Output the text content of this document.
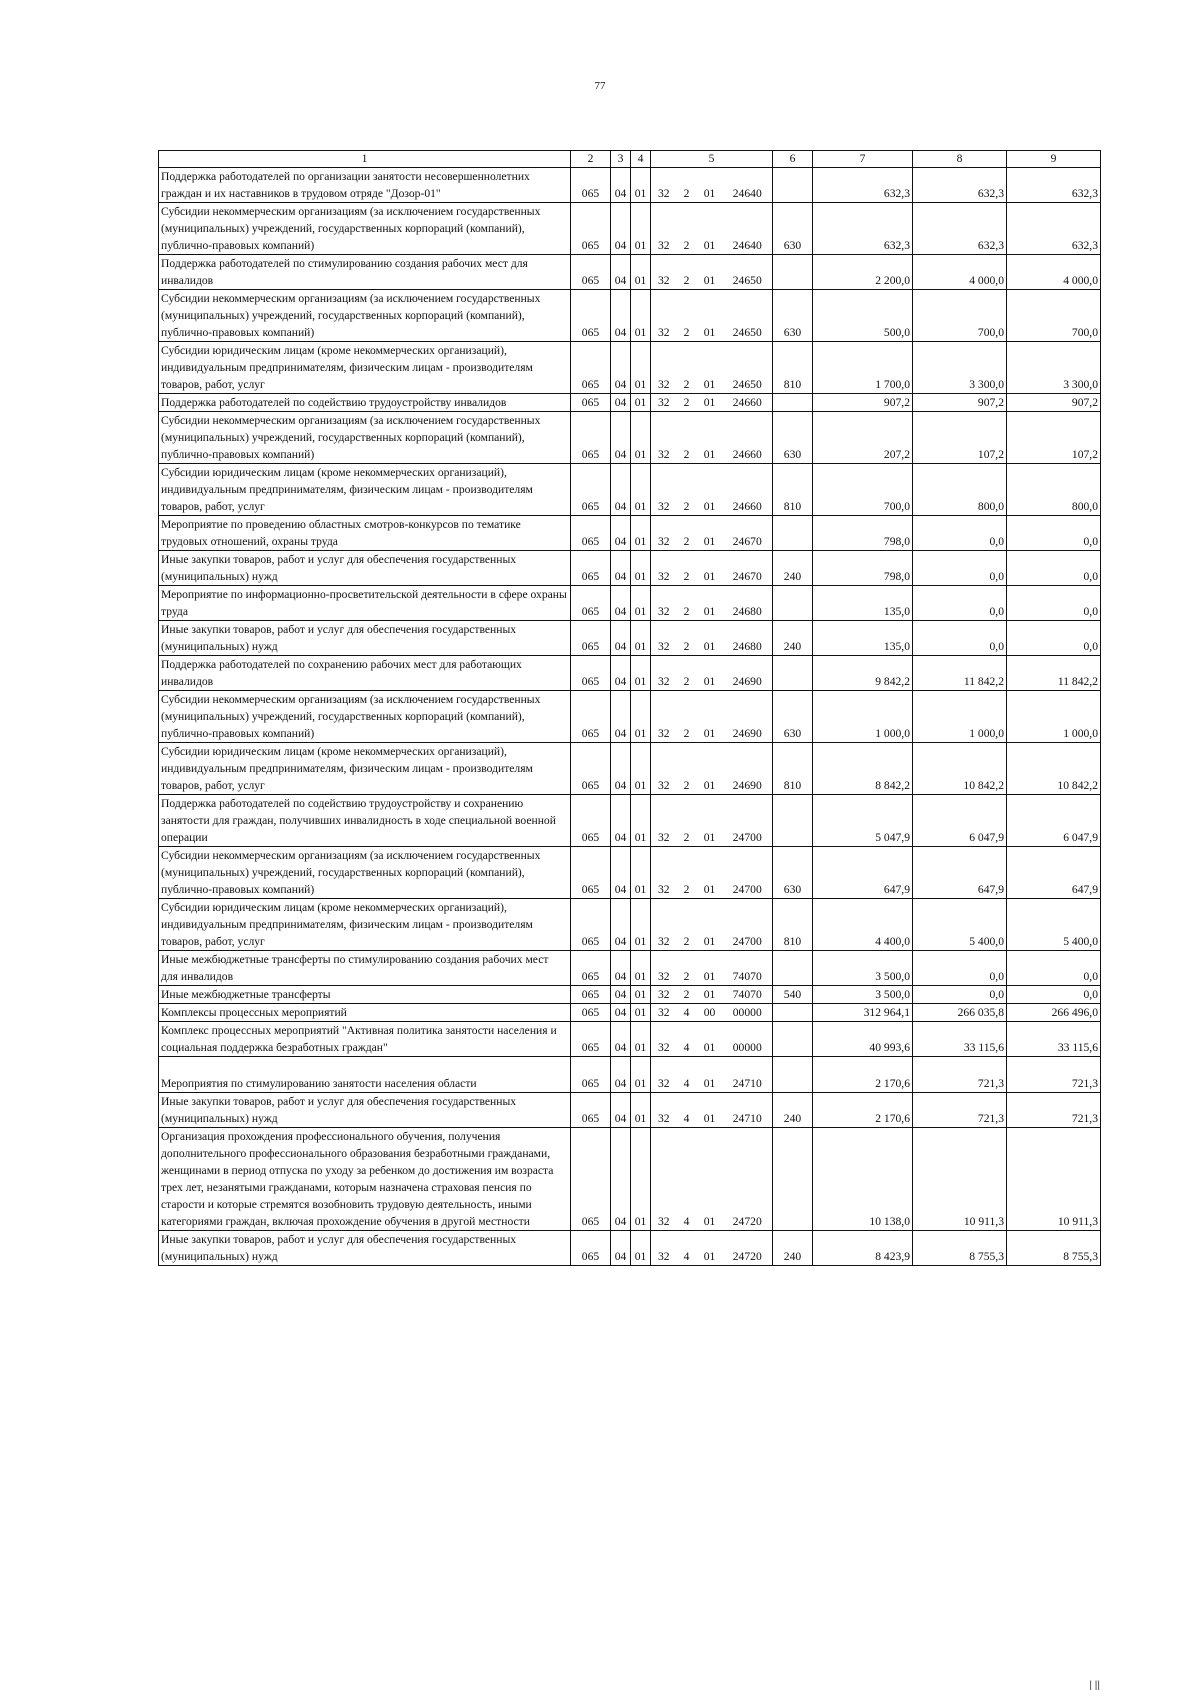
77
1	2	3	4	5				6	7	8	9
Поддержка работодателей по организации занятости несовершеннолетних граждан и их наставников в трудовом отряде "Дозор-01"	065	04	01	32	2	01	24640		632,3	632,3	632,3
Субсидии некоммерческим организациям (за исключением государственных (муниципальных) учреждений, государственных корпораций (компаний), публично-правовых компаний)	065	04	01	32	2	01	24640	630	632,3	632,3	632,3
Поддержка работодателей по стимулированию создания рабочих мест для инвалидов	065	04	01	32	2	01	24650		2 200,0	4 000,0	4 000,0
Субсидии некоммерческим организациям (за исключением государственных (муниципальных) учреждений, государственных корпораций (компаний), публично-правовых компаний)	065	04	01	32	2	01	24650	630	500,0	700,0	700,0
Субсидии юридическим лицам (кроме некоммерческих организаций), индивидуальным предпринимателям, физическим лицам - производителям товаров, работ, услуг	065	04	01	32	2	01	24650	810	1 700,0	3 300,0	3 300,0
Поддержка работодателей по содействию трудоустройству инвалидов	065	04	01	32	2	01	24660		907,2	907,2	907,2
Субсидии некоммерческим организациям (за исключением государственных (муниципальных) учреждений, государственных корпораций (компаний), публично-правовых компаний)	065	04	01	32	2	01	24660	630	207,2	107,2	107,2
Субсидии юридическим лицам (кроме некоммерческих организаций), индивидуальным предпринимателям, физическим лицам - производителям товаров, работ, услуг	065	04	01	32	2	01	24660	810	700,0	800,0	800,0
Мероприятие по проведению областных смотров-конкурсов по тематике трудовых отношений, охраны труда	065	04	01	32	2	01	24670		798,0	0,0	0,0
Иные закупки товаров, работ и услуг для обеспечения государственных (муниципальных) нужд	065	04	01	32	2	01	24670	240	798,0	0,0	0,0
Мероприятие по информационно-просветительской деятельности в сфере охраны труда	065	04	01	32	2	01	24680		135,0	0,0	0,0
Иные закупки товаров, работ и услуг для обеспечения государственных (муниципальных) нужд	065	04	01	32	2	01	24680	240	135,0	0,0	0,0
Поддержка работодателей по сохранению рабочих мест для работающих инвалидов	065	04	01	32	2	01	24690		9 842,2	11 842,2	11 842,2
Субсидии некоммерческим организациям (за исключением государственных (муниципальных) учреждений, государственных корпораций (компаний), публично-правовых компаний)	065	04	01	32	2	01	24690	630	1 000,0	1 000,0	1 000,0
Субсидии юридическим лицам (кроме некоммерческих организаций), индивидуальным предпринимателям, физическим лицам - производителям товаров, работ, услуг	065	04	01	32	2	01	24690	810	8 842,2	10 842,2	10 842,2
Поддержка работодателей по содействию трудоустройству и сохранению занятости для граждан, получивших инвалидность в ходе специальной военной операции	065	04	01	32	2	01	24700		5 047,9	6 047,9	6 047,9
Субсидии некоммерческим организациям (за исключением государственных (муниципальных) учреждений, государственных корпораций (компаний), публично-правовых компаний)	065	04	01	32	2	01	24700	630	647,9	647,9	647,9
Субсидии юридическим лицам (кроме некоммерческих организаций), индивидуальным предпринимателям, физическим лицам - производителям товаров, работ, услуг	065	04	01	32	2	01	24700	810	4 400,0	5 400,0	5 400,0
Иные межбюджетные трансферты по стимулированию создания рабочих мест для инвалидов	065	04	01	32	2	01	74070		3 500,0	0,0	0,0
Иные межбюджетные трансферты	065	04	01	32	2	01	74070	540	3 500,0	0,0	0,0
Комплексы процессных мероприятий	065	04	01	32	4	00	00000		312 964,1	266 035,8	266 496,0
Комплекс процессных мероприятий "Активная политика занятости населения и социальная поддержка безработных граждан"	065	04	01	32	4	01	00000		40 993,6	33 115,6	33 115,6
Мероприятия по стимулированию занятости населения области	065	04	01	32	4	01	24710		2 170,6	721,3	721,3
Иные закупки товаров, работ и услуг для обеспечения государственных (муниципальных) нужд	065	04	01	32	4	01	24710	240	2 170,6	721,3	721,3
Организация прохождения профессионального обучения, получения дополнительного профессионального образования безработными гражданами, женщинами в период отпуска по уходу за ребенком до достижения им возраста трех лет, незанятыми гражданами, которым назначена страховая пенсия по старости и которые стремятся возобновить трудовую деятельность, иными категориями граждан, включая прохождение обучения в другой местности	065	04	01	32	4	01	24720		10 138,0	10 911,3	10 911,3
Иные закупки товаров, работ и услуг для обеспечения государственных (муниципальных) нужд	065	04	01	32	4	01	24720	240	8 423,9	8 755,3	8 755,3
| ||
